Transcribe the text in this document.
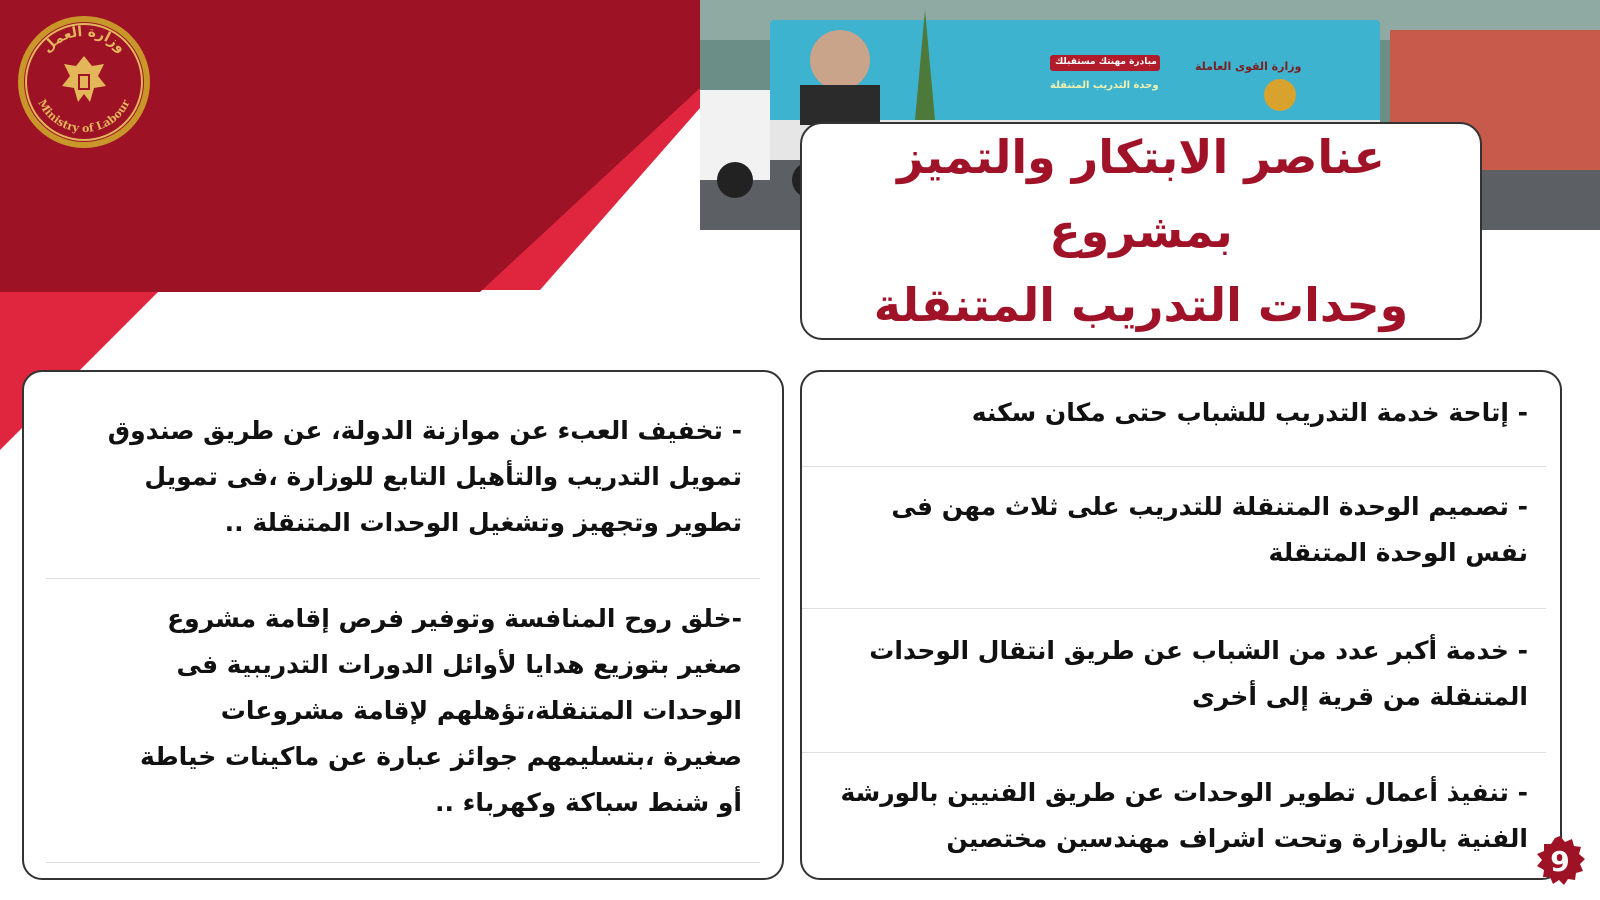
وزارة القوى العاملة
مبادرة مهنتك مستقبلك
وحدة التدريب المتنقلة
وزارة العمل
Ministry of Labour
عناصر الابتكار والتميز بمشروع
وحدات التدريب المتنقلة
- إتاحة خدمة التدريب للشباب حتى مكان سكنه
- تصميم الوحدة المتنقلة للتدريب على ثلاث مهن فى
نفس الوحدة المتنقلة
- خدمة أكبر عدد من الشباب عن طريق انتقال الوحدات
المتنقلة من قرية إلى أخرى
- تنفيذ أعمال تطوير الوحدات عن طريق الفنيين بالورشة
الفنية بالوزارة وتحت اشراف مهندسين مختصين
- تخفيف العبء عن موازنة الدولة، عن طريق صندوق
تمويل التدريب والتأهيل التابع للوزارة ،فى تمويل
تطوير وتجهيز وتشغيل الوحدات المتنقلة ..
-خلق روح المنافسة وتوفير فرص إقامة مشروع
صغير بتوزيع هدايا لأوائل الدورات التدريبية فى
الوحدات المتنقلة،تؤهلهم لإقامة مشروعات
صغيرة ،بتسليمهم جوائز عبارة عن ماكينات خياطة
أو شنط سباكة وكهرباء ..
9
